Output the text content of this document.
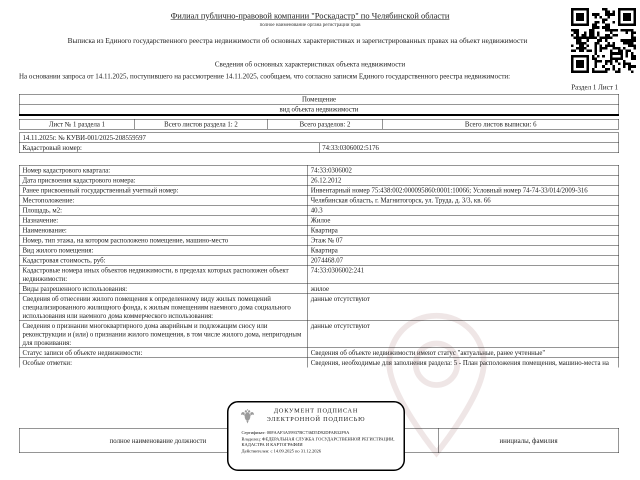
Филиал публично-правовой компании "Роскадастр" по Челябинской области
полное наименование органа регистрации прав
Выписка из Единого государственного реестра недвижимости об основных характеристиках и зарегистрированных правах на объект недвижимости
Сведения об основных характеристиках объекта недвижимости
На основании запроса от 14.11.2025, поступившего на рассмотрение 14.11.2025, сообщаем, что согласно записям Единого государственного реестра недвижимости:
Раздел 1 Лист 1
Помещение
вид объекта недвижимости
Лист № 1 раздела 1	Всего листов раздела 1: 2	Всего разделов: 2	Всего листов выписки: 6
14.11.2025г. № КУВИ-001/2025-208559597
Кадастровый номер:	74:33:0306002:5176
Номер кадастрового квартала:	74:33:0306002
Дата присвоения кадастрового номера:	26.12.2012
Ранее присвоенный государственный учетный номер:	Инвентарный номер 75:438:002:000095860:0001:10066; Условный номер 74-74-33/014/2009-316
Местоположение:	Челябинская область, г. Магнитогорск, ул. Труда, д. 3/3, кв. 66
Площадь, м2:	40.3
Назначение:	Жилое
Наименование:	Квартира
Номер, тип этажа, на котором расположено помещение, машино-место	Этаж № 07
Вид жилого помещения:	Квартира
Кадастровая стоимость, руб:	2074468.07
Кадастровые номера иных объектов недвижимости, в пределах которых расположен объект недвижимости:	74:33:0306002:241
Виды разрешенного использования:	жилое
Сведения об отнесении жилого помещения к определенному виду жилых помещений специализированного жилищного фонда, к жилым помещениям наемного дома социального использования или наемного дома коммерческого использования:	данные отсутствуют
Сведения о признании многоквартирного дома аварийным и подлежащим сносу или реконструкции и (или) о признании жилого помещения, в том числе жилого дома, непригодным для проживания:	данные отсутствуют
Статус записи об объекте недвижимости:	Сведения об объекте недвижимости имеют статус "актуальные, ранее учтенные"
Особые отметки:	Сведения, необходимые для заполнения раздела: 5 - План расположения помещения, машино-места на
полное наименование должности		инициалы, фамилия
ДОКУМЕНТ ПОДПИСАН
ЭЛЕКТРОННОЙ ПОДПИСЬЮ
Сертификат: 00FAAF3A59937BC736D5D92DFAB32F9A
Владелец: ФЕДЕРАЛЬНАЯ СЛУЖБА ГОСУДАРСТВЕННОЙ РЕГИСТРАЦИИ, КАДАСТРА И КАРТОГРАФИИ
Действителен: с 14.09.2025 по 31.12.2026
